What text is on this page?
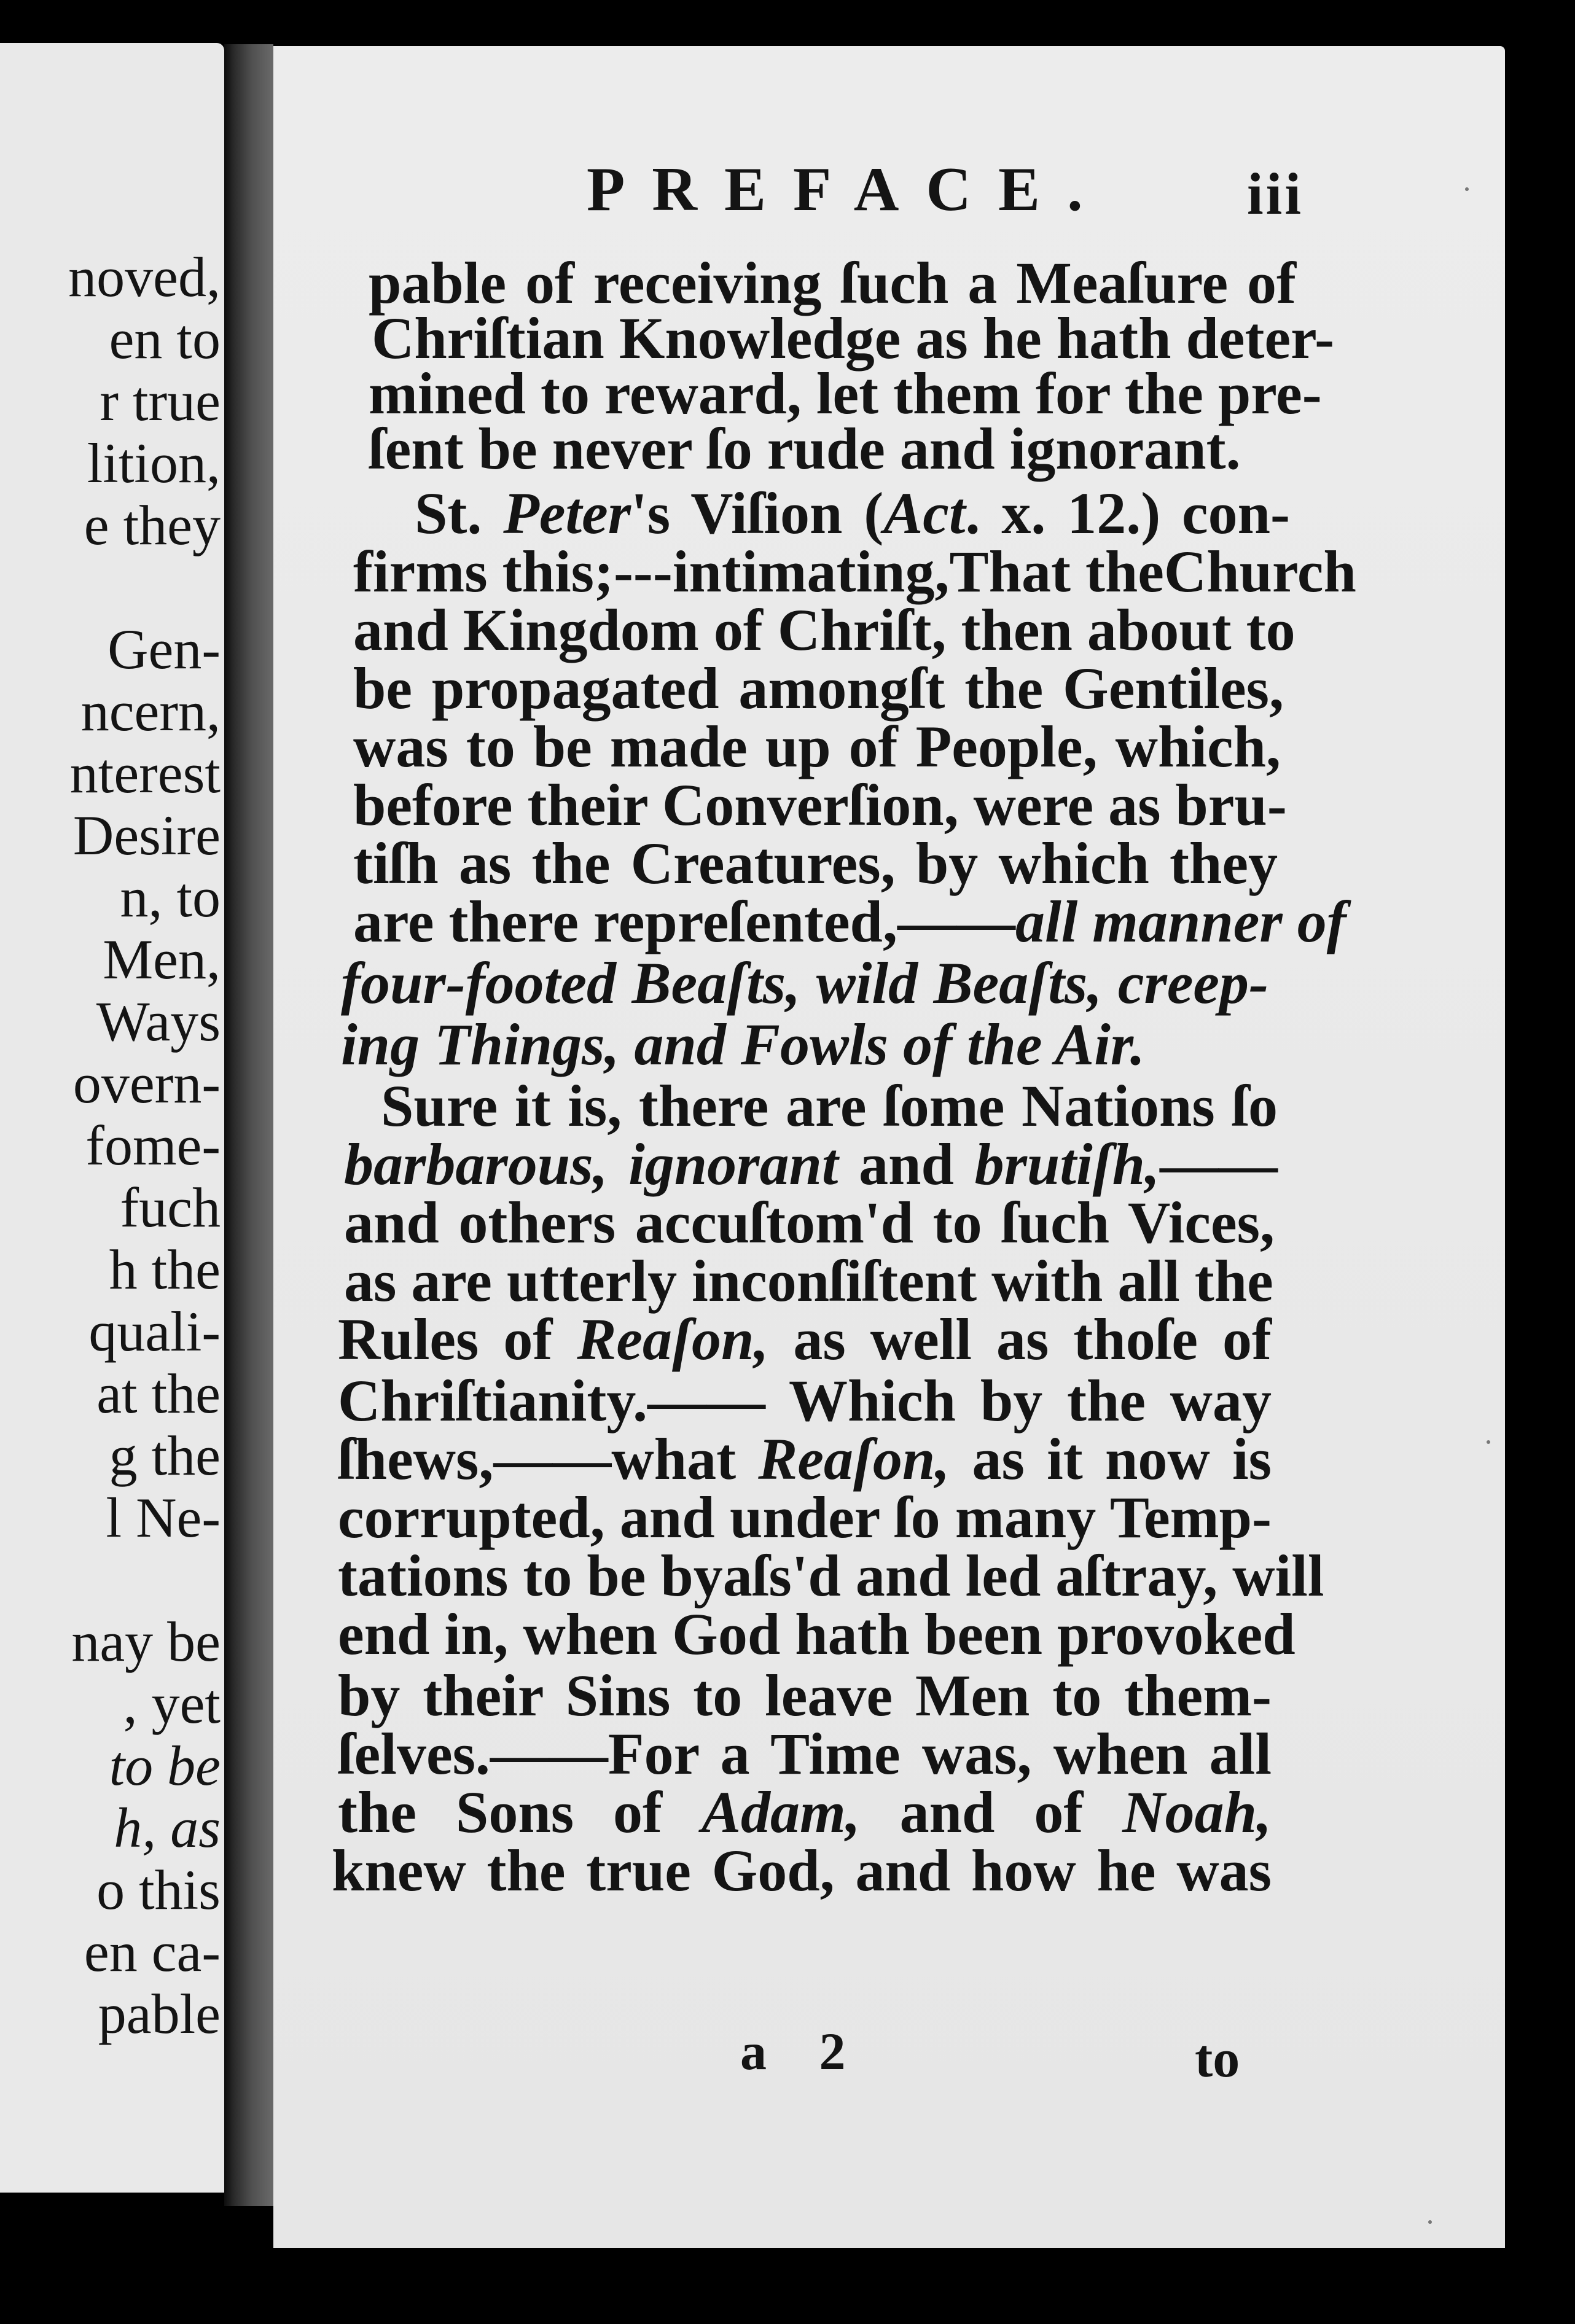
noved,
en to
r true
lition,
e they
Gen-
ncern,
nterest
Desire
n, to
Men,
Ways
overn-
fome-
fuch
h the
quali-
at the
g the
l Ne-
nay be
, yet
to be
h, as
o this
en ca-
pable
PREFACE. iii
pable of receiving ſuch a Meaſure of
Chriſtian Knowledge as he hath deter-
mined to reward, let them for the pre-
ſent be never ſo rude and ignorant.
St. Peter's Viſion (Act. x. 12.) con-
firms this;---intimating,That theChurch
and Kingdom of Chriſt, then about to
be propagated amongſt the Gentiles,
was to be made up of People, which,
before their Converſion, were as bru-
tiſh as the Creatures, by which they
are there repreſented,——all manner of
four-footed Beaſts, wild Beaſts, creep-
ing Things, and Fowls of the Air.
Sure it is, there are ſome Nations ſo
barbarous, ignorant and brutiſh,——
and others accuſtom'd to ſuch Vices,
as are utterly inconſiſtent with all the
Rules of Reaſon, as well as thoſe of
Chriſtianity.—— Which by the way
ſhews,——what Reaſon, as it now is
corrupted, and under ſo many Temp-
tations to be byaſs'd and led aſtray, will
end in, when God hath been provoked
by their Sins to leave Men to them-
ſelves.——For a Time was, when all
the Sons of Adam, and of Noah,
knew the true God, and how he was
a 2	to
